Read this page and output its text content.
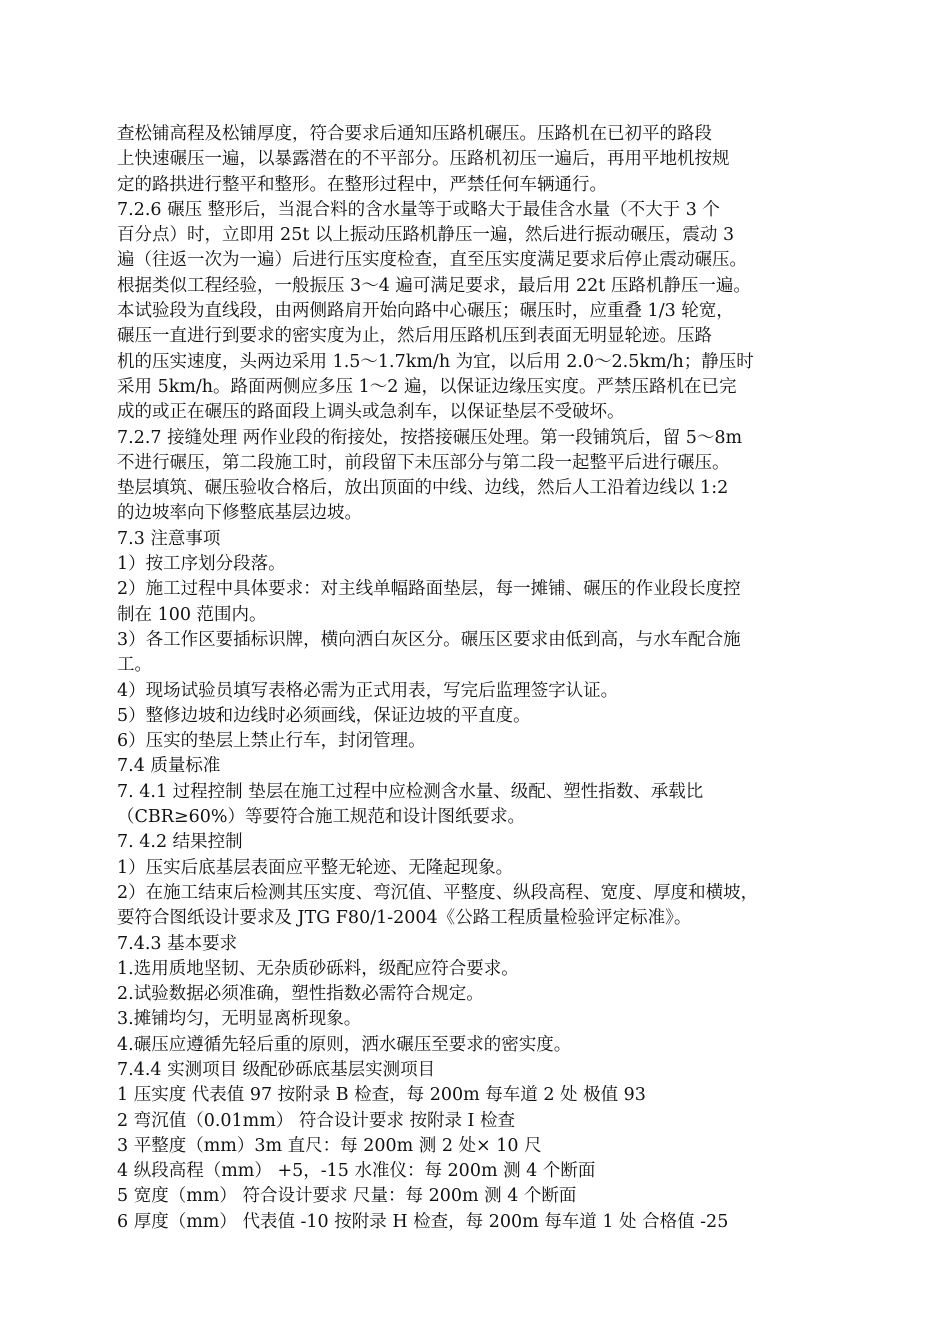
查松铺高程及松铺厚度，符合要求后通知压路机碾压。压路机在已初平的路段
上快速碾压一遍，以暴露潜在的不平部分。压路机初压一遍后，再用平地机按规
定的路拱进行整平和整形。在整形过程中，严禁任何车辆通行。
7.2.6 碾压 整形后，当混合料的含水量等于或略大于最佳含水量（不大于 3 个
百分点）时，立即用 25t 以上振动压路机静压一遍，然后进行振动碾压，震动 3
遍（往返一次为一遍）后进行压实度检查，直至压实度满足要求后停止震动碾压。
根据类似工程经验，一般振压 3～4 遍可满足要求，最后用 22t 压路机静压一遍。
本试验段为直线段，由两侧路肩开始向路中心碾压；碾压时，应重叠 1/3 轮宽，
碾压一直进行到要求的密实度为止，然后用压路机压到表面无明显轮迹。压路
机的压实速度，头两边采用 1.5～1.7km/h 为宜，以后用 2.0～2.5km/h；静压时
采用 5km/h。路面两侧应多压 1～2 遍，以保证边缘压实度。严禁压路机在已完
成的或正在碾压的路面段上调头或急刹车，以保证垫层不受破坏。
7.2.7 接缝处理 两作业段的衔接处，按搭接碾压处理。第一段铺筑后，留 5～8m
不进行碾压，第二段施工时，前段留下未压部分与第二段一起整平后进行碾压。
垫层填筑、碾压验收合格后，放出顶面的中线、边线，然后人工沿着边线以 1:2
的边坡率向下修整底基层边坡。
7.3 注意事项
1）按工序划分段落。
2）施工过程中具体要求：对主线单幅路面垫层，每一摊铺、碾压的作业段长度控
制在 100 范围内。
3）各工作区要插标识牌，横向洒白灰区分。碾压区要求由低到高，与水车配合施
工。
4）现场试验员填写表格必需为正式用表，写完后监理签字认证。
5）整修边坡和边线时必须画线，保证边坡的平直度。
6）压实的垫层上禁止行车，封闭管理。
7.4 质量标准
7. 4.1 过程控制 垫层在施工过程中应检测含水量、级配、塑性指数、承载比
（CBR≥60%）等要符合施工规范和设计图纸要求。
7. 4.2 结果控制
1）压实后底基层表面应平整无轮迹、无隆起现象。
2）在施工结束后检测其压实度、弯沉值、平整度、纵段高程、宽度、厚度和横坡，
要符合图纸设计要求及 JTG F80/1-2004《公路工程质量检验评定标准》。
7.4.3 基本要求
1.选用质地坚韧、无杂质砂砾料，级配应符合要求。
2.试验数据必须准确，塑性指数必需符合规定。
3.摊铺均匀，无明显离析现象。
4.碾压应遵循先轻后重的原则，洒水碾压至要求的密实度。
7.4.4 实测项目 级配砂砾底基层实测项目
1 压实度 代表值 97 按附录 B 检查，每 200m 每车道 2 处 极值 93
2 弯沉值（0.01mm） 符合设计要求 按附录 I 检查
3 平整度（mm）3m 直尺：每 200m 测 2 处× 10 尺
4 纵段高程（mm） +5，-15 水准仪：每 200m 测 4 个断面
5 宽度（mm） 符合设计要求 尺量：每 200m 测 4 个断面
6 厚度（mm） 代表值 -10 按附录 H 检查，每 200m 每车道 1 处 合格值 -25
